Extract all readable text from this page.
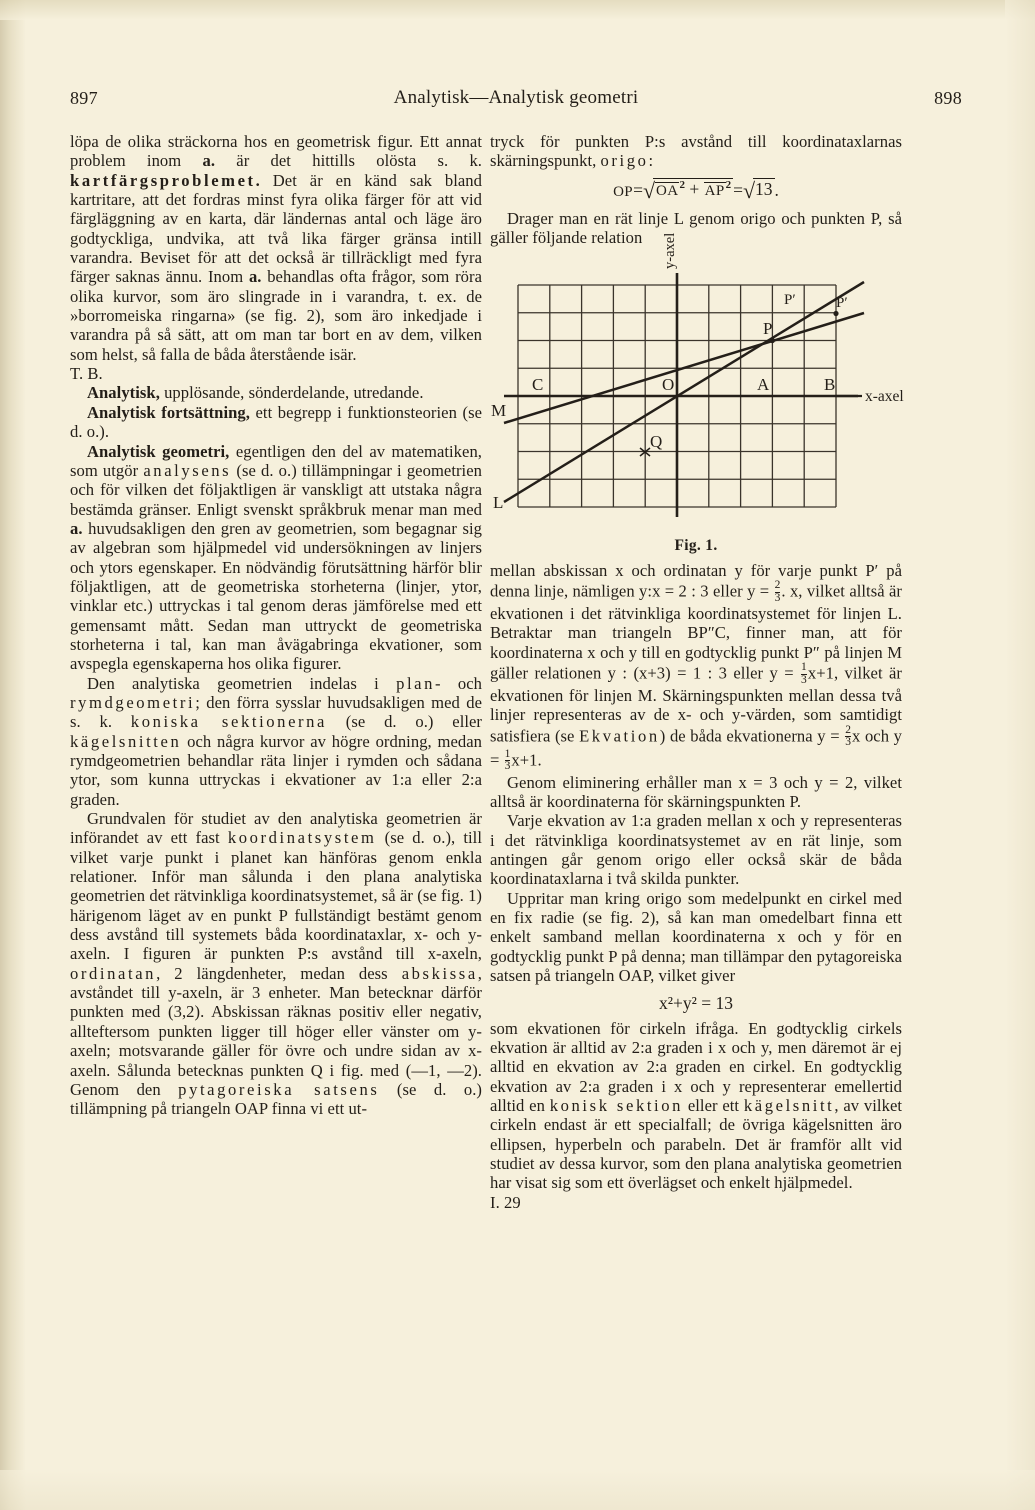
897	Analytisk—Analytisk geometri	898

löpa de olika sträckorna hos en geometrisk figur. Ett annat problem inom a. är det hittills olösta s. k. kartfärgsproblemet. Det är en känd sak bland kartritare, att det fordras minst fyra olika färger för att vid färgläggning av en karta, där ländernas antal och läge äro godtyckliga, undvika, att två lika färger gränsa intill varandra. Beviset för att det också är tillräckligt med fyra färger saknas ännu. Inom a. behandlas ofta frågor, som röra olika kurvor, som äro slingrade in i varandra, t. ex. de »borromeiska ringarna» (se fig. 2), som äro inkedjade i varandra på så sätt, att om man tar bort en av dem, vilken som helst, så falla de båda återstående isär.

T. B.

Analytisk, upplösande, sönderdelande, utredande.

Analytisk fortsättning, ett begrepp i funktionsteorien (se d. o.).

Analytisk geometri, egentligen den del av matematiken, som utgör analysens (se d. o.) tillämpningar i geometrien och för vilken det följaktligen är vanskligt att utstaka några bestämda gränser. Enligt svenskt språkbruk menar man med a. huvudsakligen den gren av geometrien, som begagnar sig av algebran som hjälpmedel vid undersökningen av linjers och ytors egenskaper. En nödvändig förutsättning härför blir följaktligen, att de geometriska storheterna (linjer, ytor, vinklar etc.) uttryckas i tal genom deras jämförelse med ett gemensamt mått. Sedan man uttryckt de geometriska storheterna i tal, kan man åvägabringa ekvationer, som avspegla egenskaperna hos olika figurer.

Den analytiska geometrien indelas i plan- och rymdgeometri; den förra sysslar huvudsakligen med de s. k. koniska sektionerna (se d. o.) eller kägelsnitten och några kurvor av högre ordning, medan rymdgeometrien behandlar räta linjer i rymden och sådana ytor, som kunna uttryckas i ekvationer av 1:a eller 2:a graden.

Grundvalen för studiet av den analytiska geometrien är införandet av ett fast koordinatsystem (se d. o.), till vilket varje punkt i planet kan hänföras genom enkla relationer. Inför man sålunda i den plana analytiska geometrien det rätvinkliga koordinatsystemet, så är (se fig. 1) härigenom läget av en punkt P fullständigt bestämt genom dess avstånd till systemets båda koordinataxlar, x- och y-axeln. I figuren är punkten P:s avstånd till x-axeln, ordinatan, 2 längdenheter, medan dess abskissa, avståndet till y-axeln, är 3 enheter. Man betecknar därför punkten med (3,2). Abskissan räknas positiv eller negativ, allteftersom punkten ligger till höger eller vänster om y-axeln; motsvarande gäller för övre och undre sidan av x-axeln. Sålunda betecknas punkten Q i fig. med (—1, —2). Genom den pytagoreiska satsens (se d. o.) tillämpning på triangeln OAP finna vi ett ut-

tryck för punkten P:s avstånd till koordinataxlarnas skärningspunkt, origo:

$OP=√OA^2 + AP^2 =√13$ .

Drager man en rät linje L genom origo och punkten P, så gäller följande relation

C	O	A	B
P
P′	P′
M
L
Q
x-axel
y-axel
Fig. 1.

mellan abskissan x och ordinatan y för varje punkt P′ på denna linje, nämligen y:x = 2 : 3 eller $y = \frac{2}{3}$ . x, vilket alltså är ekvationen i det rätvinkliga koordinatsystemet för linjen L. Betraktar man triangeln BP″C, finner man, att för koordinaterna x och y till en godtycklig punkt P″ på linjen M gäller relationen y : (x+3) = 1 : 3 eller $y = \frac{1}{3} x+1$, vilket är ekvationen för linjen M. Skärningspunkten mellan dessa två linjer representeras av de x- och y-värden, som samtidigt satisfiera (se Ekvation) de båda ekvationerna $y = \frac{2}{3}$ x och $y = \frac{1}{3} x+1$.

Genom eliminering erhåller man x = 3 och y = 2, vilket alltså är koordinaterna för skärningspunkten P.

Varje ekvation av 1:a graden mellan x och y representeras i det rätvinkliga koordinatsystemet av en rät linje, som antingen går genom origo eller också skär de båda koordinataxlarna i två skilda punkter.

Uppritar man kring origo som medelpunkt en cirkel med en fix radie (se fig. 2), så kan man omedelbart finna ett enkelt samband mellan koordinaterna x och y för en godtycklig punkt P på denna; man tillämpar den pytagoreiska satsen på triangeln OAP, vilket giver

x²+y² = 13

som ekvationen för cirkeln ifråga. En godtycklig cirkels ekvation är alltid av 2:a graden i x och y, men däremot är ej alltid en ekvation av 2:a graden en cirkel. En godtycklig ekvation av 2:a graden i x och y representerar emellertid alltid en konisk sektion eller ett kägelsnitt, av vilket cirkeln endast är ett specialfall; de övriga kägelsnitten äro ellipsen, hyperbeln och parabeln. Det är framför allt vid studiet av dessa kurvor, som den plana analytiska geometrien har visat sig som ett överlägset och enkelt hjälpmedel.

I. 29
